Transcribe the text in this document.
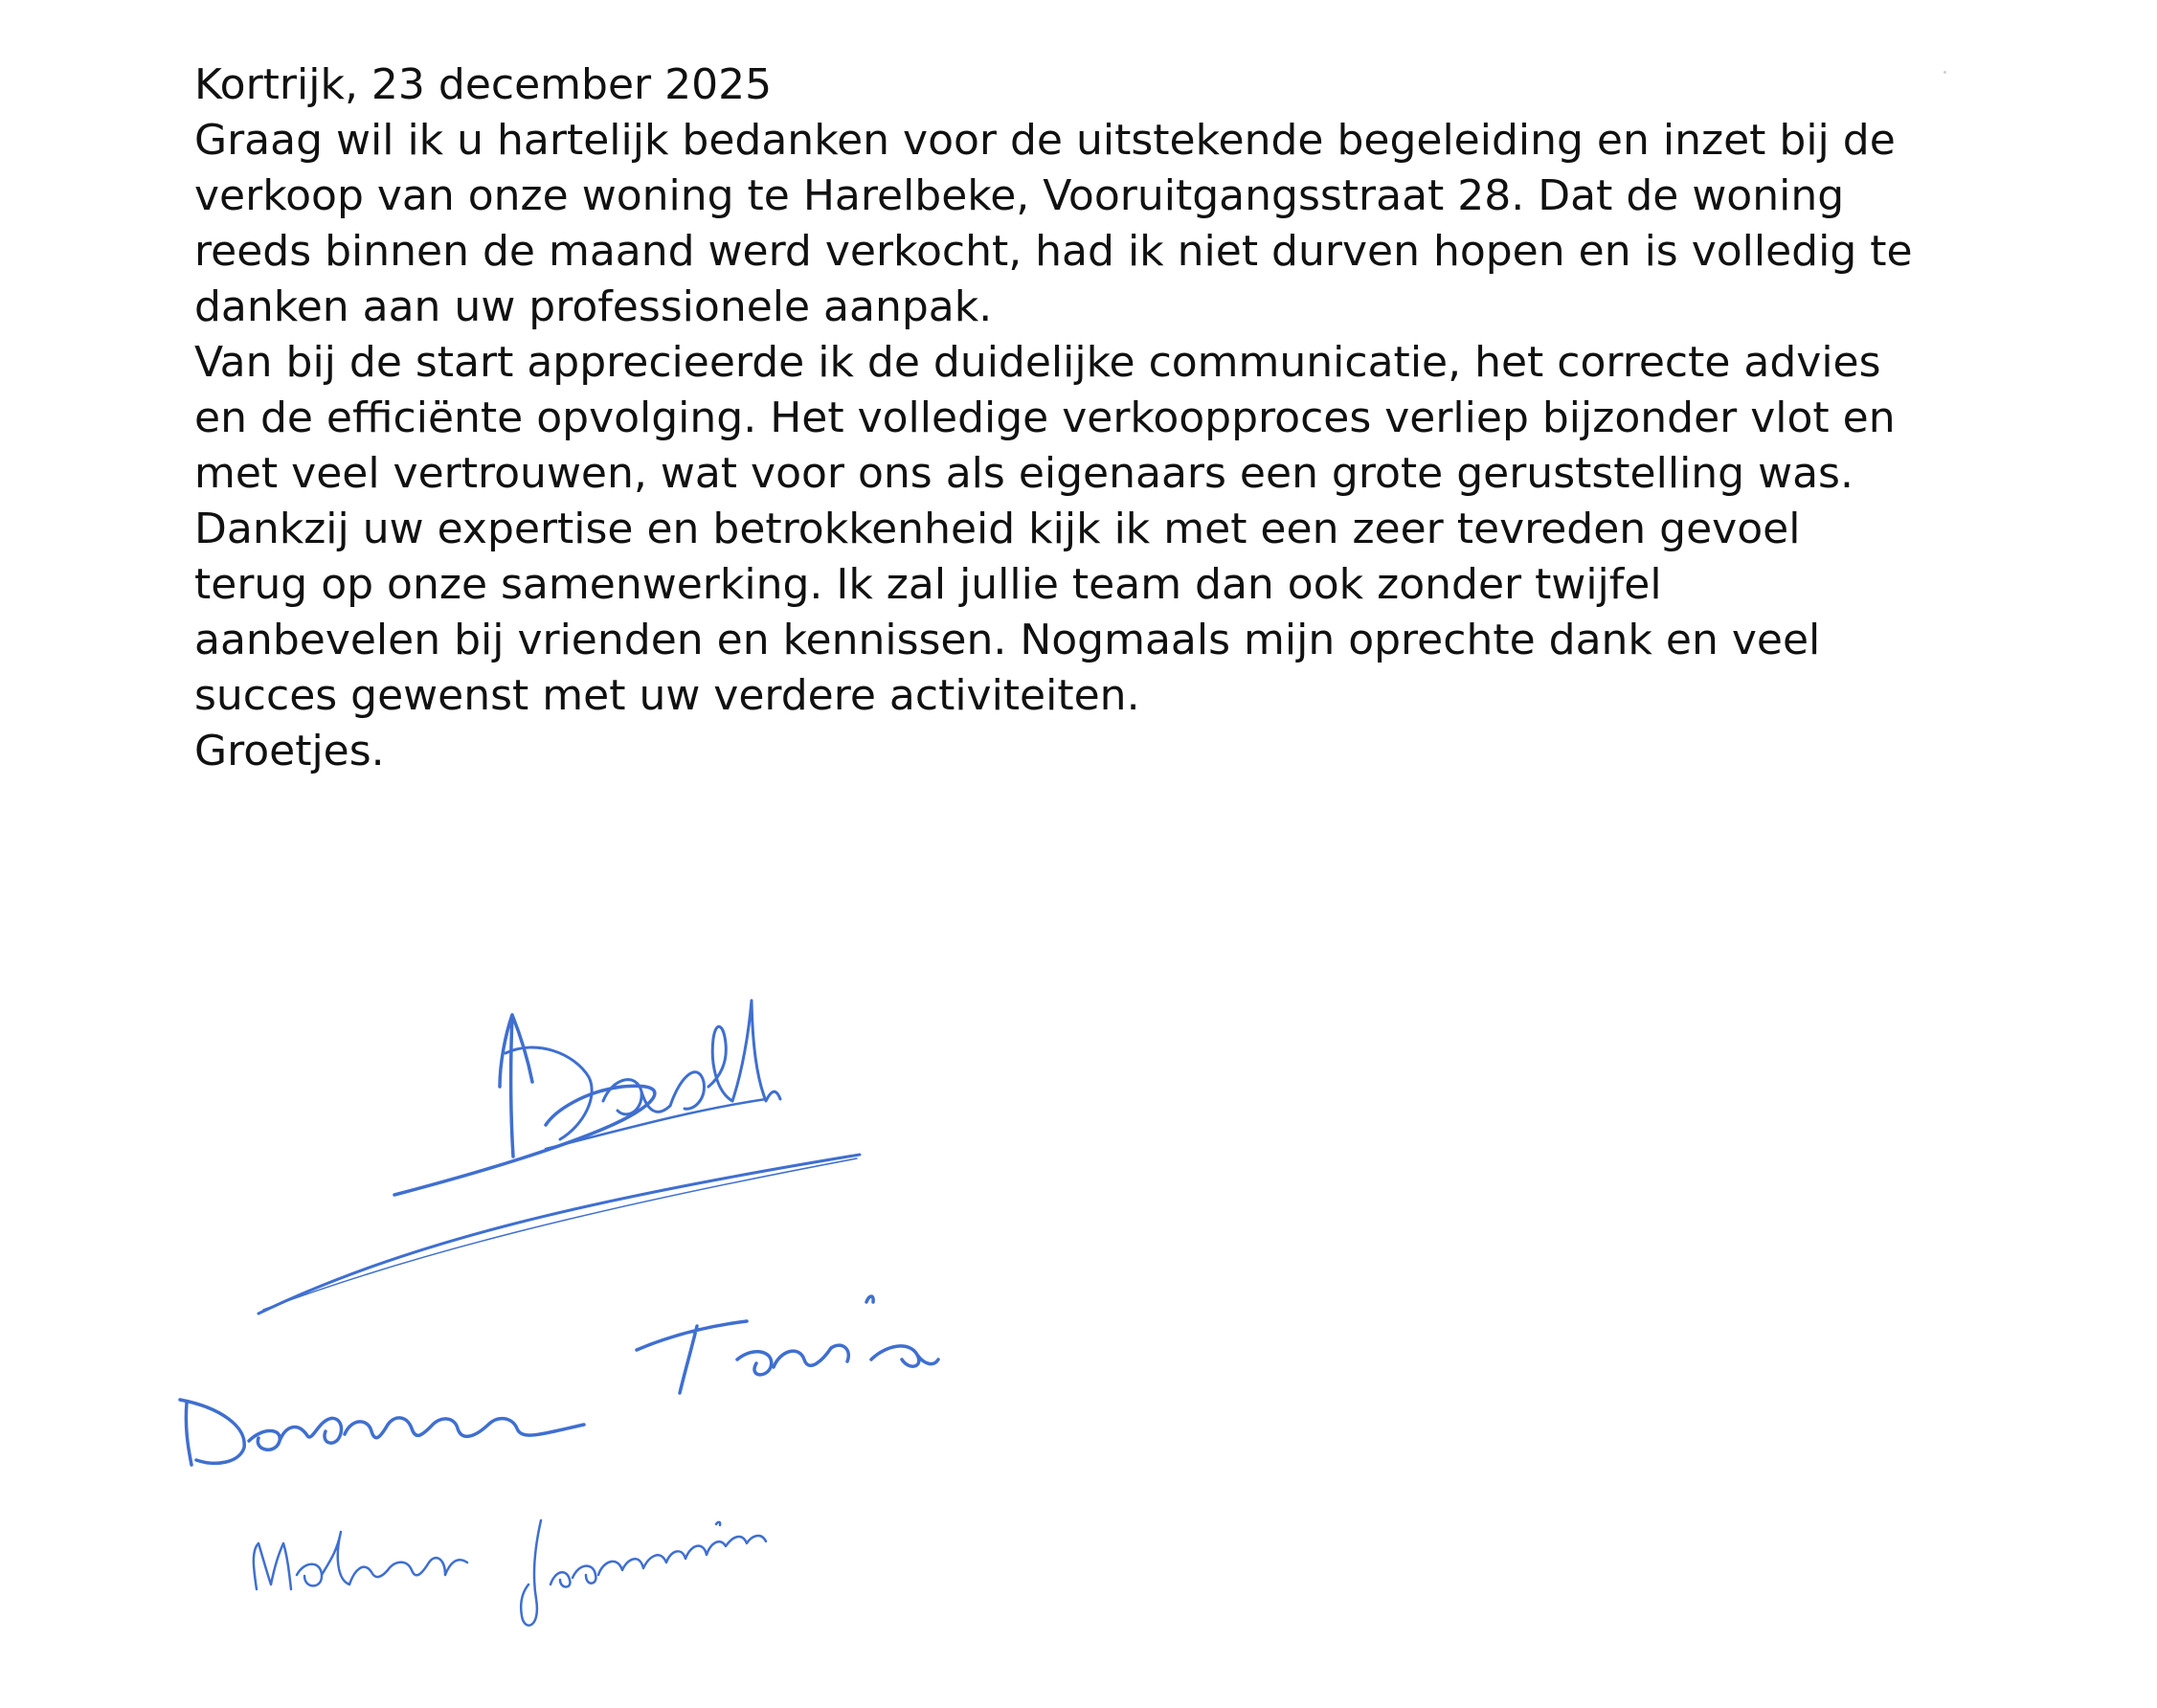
Kortrijk, 23 december 2025

Graag wil ik u hartelijk bedanken voor de uitstekende begeleiding en inzet bij de
verkoop van onze woning te Harelbeke, Vooruitgangsstraat 28. Dat de woning
reeds binnen de maand werd verkocht, had ik niet durven hopen en is volledig te
danken aan uw professionele aanpak.

Van bij de start apprecieerde ik de duidelijke communicatie, het correcte advies
en de efficiënte opvolging. Het volledige verkoopproces verliep bijzonder vlot en
met veel vertrouwen, wat voor ons als eigenaars een grote geruststelling was.

Dankzij uw expertise en betrokkenheid kijk ik met een zeer tevreden gevoel
terug op onze samenwerking. Ik zal jullie team dan ook zonder twijfel
aanbevelen bij vrienden en kennissen. Nogmaals mijn oprechte dank en veel
succes gewenst met uw verdere activiteiten.

Groetjes.
